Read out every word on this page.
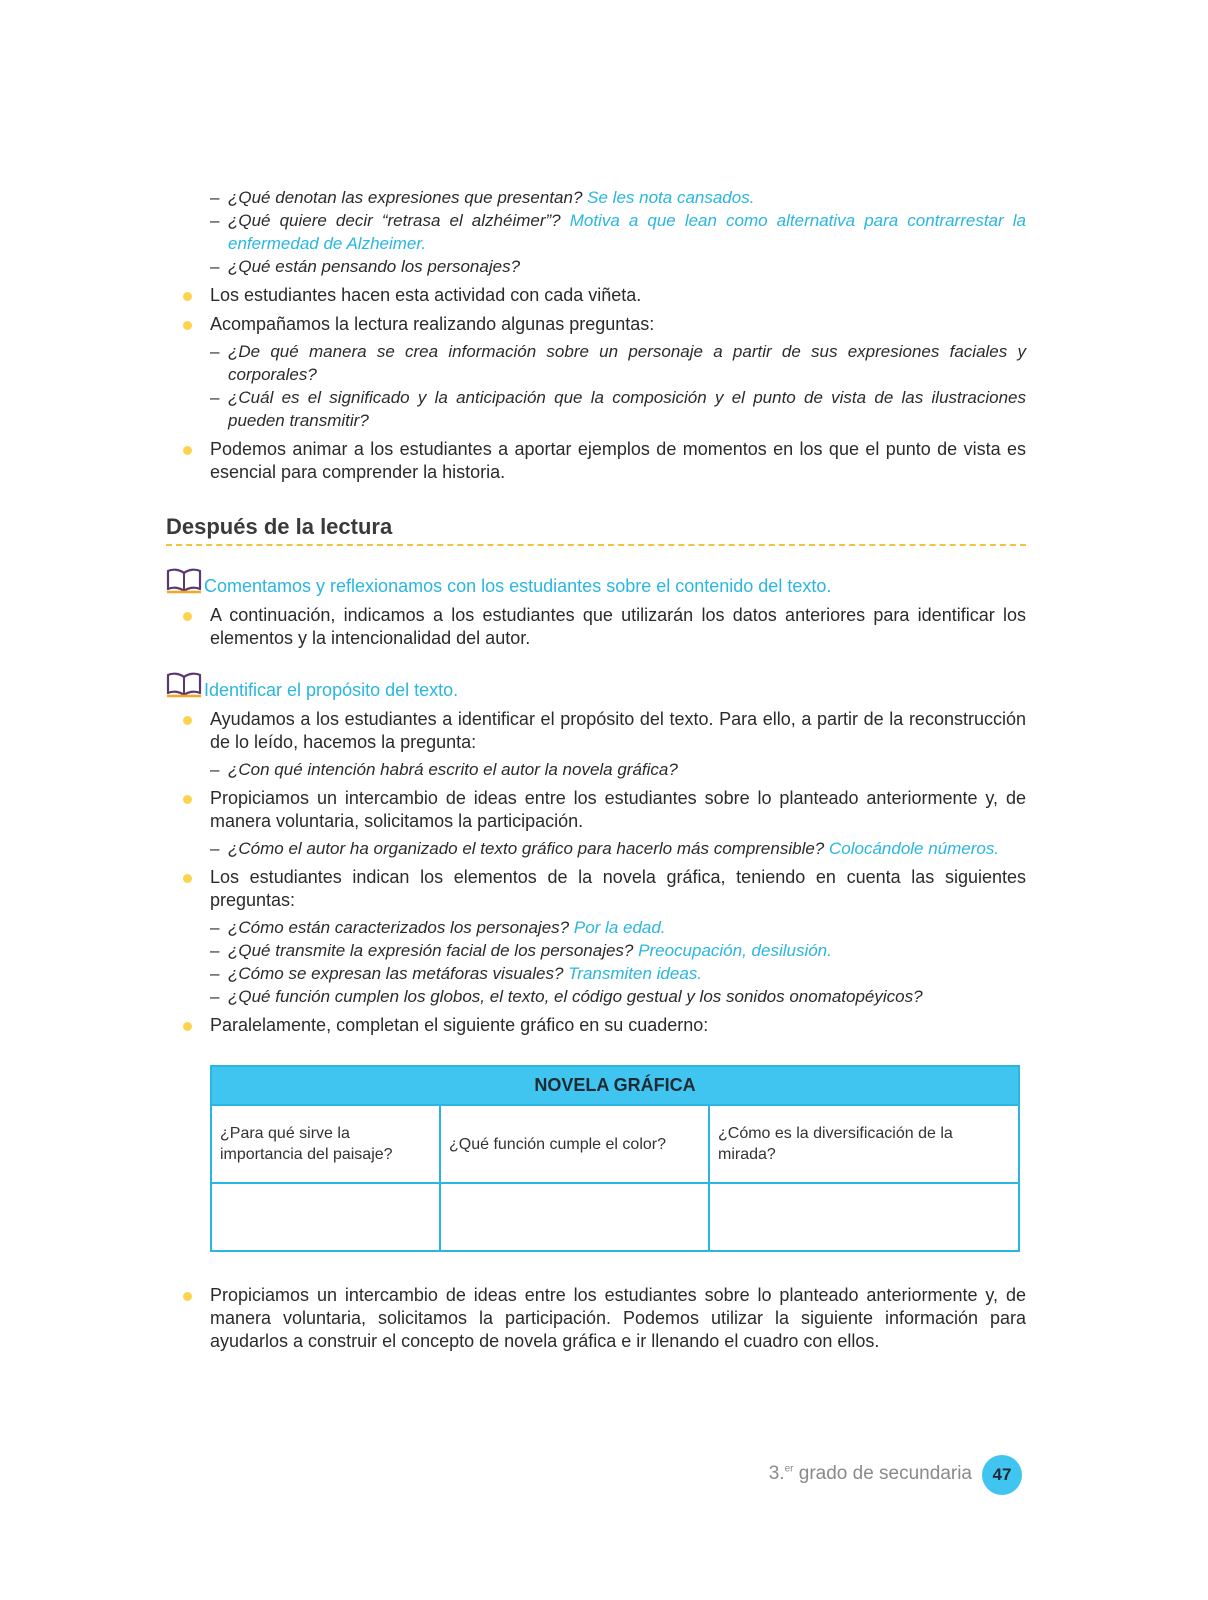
– ¿Qué denotan las expresiones que presentan? Se les nota cansados.
– ¿Qué quiere decir “retrasa el alzhéimer”? Motiva a que lean como alternativa para contrarrestar la enfermedad de Alzheimer.
– ¿Qué están pensando los personajes?
Los estudiantes hacen esta actividad con cada viñeta.
Acompañamos la lectura realizando algunas preguntas:
– ¿De qué manera se crea información sobre un personaje a partir de sus expresiones faciales y corporales?
– ¿Cuál es el significado y la anticipación que la composición y el punto de vista de las ilustraciones pueden transmitir?
Podemos animar a los estudiantes a aportar ejemplos de momentos en los que el punto de vista es esencial para comprender la historia.
Después de la lectura
Comentamos y reflexionamos con los estudiantes sobre el contenido del texto.
A continuación, indicamos a los estudiantes que utilizarán los datos anteriores para identificar los elementos y la intencionalidad del autor.
Identificar el propósito del texto.
Ayudamos a los estudiantes a identificar el propósito del texto. Para ello, a partir de la reconstrucción de lo leído, hacemos la pregunta:
– ¿Con qué intención habrá escrito el autor la novela gráfica?
Propiciamos un intercambio de ideas entre los estudiantes sobre lo planteado anteriormente y, de manera voluntaria, solicitamos la participación.
– ¿Cómo el autor ha organizado el texto gráfico para hacerlo más comprensible? Colocándole números.
Los estudiantes indican los elementos de la novela gráfica, teniendo en cuenta las siguientes preguntas:
– ¿Cómo están caracterizados los personajes? Por la edad.
– ¿Qué transmite la expresión facial de los personajes? Preocupación, desilusión.
– ¿Cómo se expresan las metáforas visuales? Transmiten ideas.
– ¿Qué función cumplen los globos, el texto, el código gestual y los sonidos onomatopéyicos?
Paralelamente, completan el siguiente gráfico en su cuaderno:
NOVELA GRÁFICA		
¿Para qué sirve la importancia del paisaje?	¿Qué función cumple el color?	¿Cómo es la diversificación de la mirada?

Propiciamos un intercambio de ideas entre los estudiantes sobre lo planteado anteriormente y, de manera voluntaria, solicitamos la participación. Podemos utilizar la siguiente información para ayudarlos a construir el concepto de novela gráfica e ir llenando el cuadro con ellos.
3.$^{er}$ grado de secundaria	47
